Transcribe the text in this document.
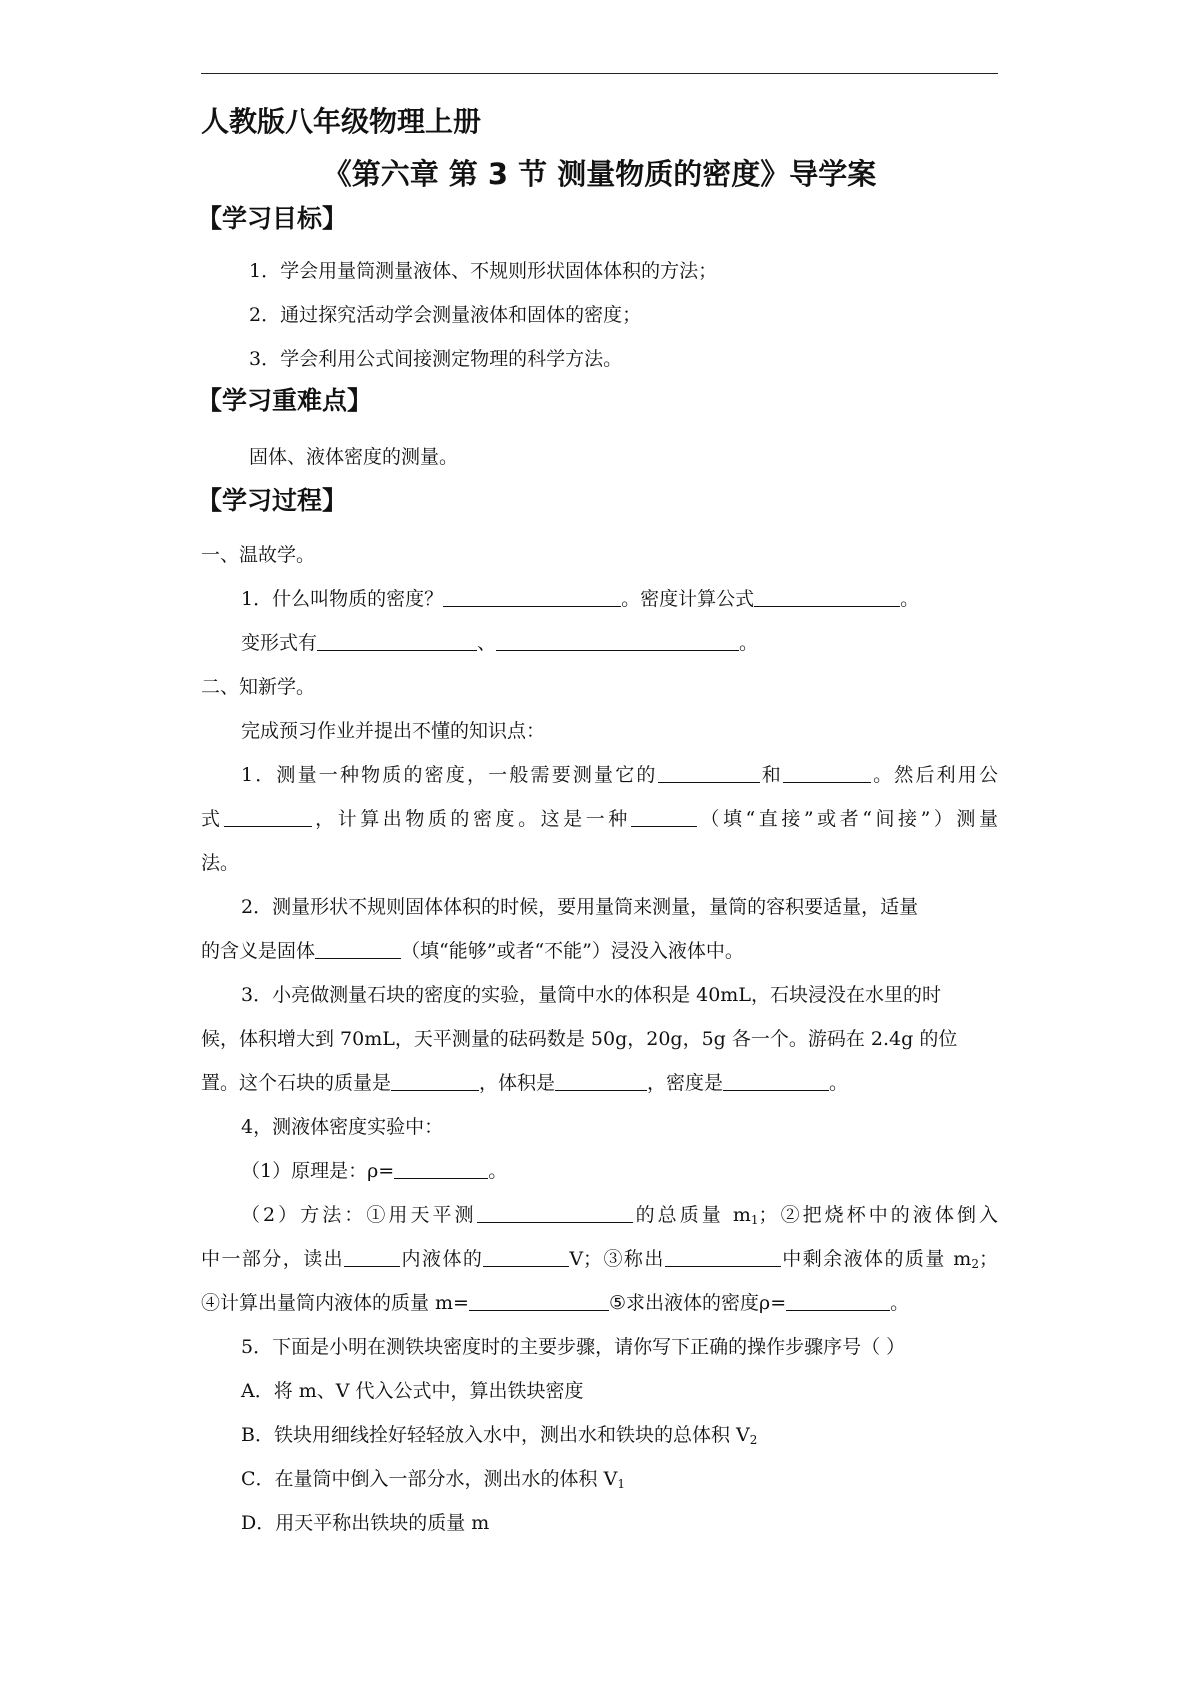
人教版八年级物理上册
《第六章 第 3 节 测量物质的密度》导学案
【学习目标】
1．学会用量筒测量液体、不规则形状固体体积的方法；
2．通过探究活动学会测量液体和固体的密度；
3．学会利用公式间接测定物理的科学方法。
【学习重难点】
固体、液体密度的测量。
【学习过程】
一、温故学。
1．什么叫物质的密度？	。密度计算公式	。
变形式有	、	。
二、知新学。
完成预习作业并提出不懂的知识点：
1．测量一种物质的密度，一般需要测量它的	和	。然后利用公
式	，计算出物质的密度。这是一种	（填“直接”或者“间接”）测量
法。
2．测量形状不规则固体体积的时候，要用量筒来测量，量筒的容积要适量，适量
的含义是固体	（填“能够”或者“不能”）浸没入液体中。
3．小亮做测量石块的密度的实验，量筒中水的体积是 40mL，石块浸没在水里的时
候，体积增大到 70mL，天平测量的砝码数是 50g，20g，5g 各一个。游码在 2.4g 的位
置。这个石块的质量是	，体积是	，密度是	。
4，测液体密度实验中：
（1）原理是：ρ=	。
（2）方法：①用天平测	的总质量 $m_1$；②把烧杯中的液体倒入
中一部分，读出	内液体的	V；③称出	中剩余液体的质量 $m_2$；
④计算出量筒内液体的质量 m=	⑤求出液体的密度ρ=	。
5．下面是小明在测铁块密度时的主要步骤，请你写下正确的操作步骤序号（ ）
A．将 m、V 代入公式中，算出铁块密度
B．铁块用细线拴好轻轻放入水中，测出水和铁块的总体积 $V_2$
C．在量筒中倒入一部分水，测出水的体积 $V_1$
D．用天平称出铁块的质量 m
